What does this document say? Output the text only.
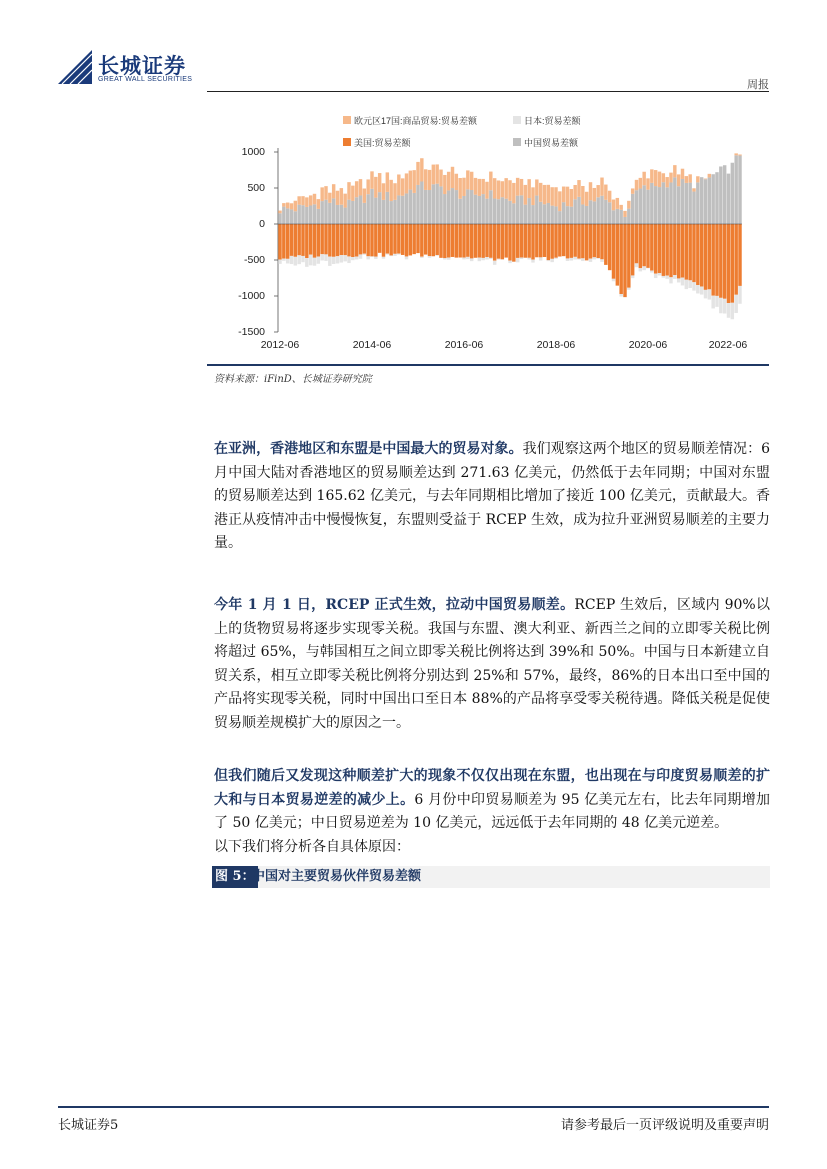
长城证券
GREAT WALL SECURITIES	周报
欧元区17国:商品贸易:贸易差额	日本:贸易差额
美国:贸易差额	中国贸易差额
1000
500
0
-500
-1000
-1500
2012-06	2014-06	2016-06	2018-06	2020-06	2022-06
资料来源：iFinD、长城证券研究院
在亚洲，香港地区和东盟是中国最大的贸易对象。我们观察这两个地区的贸易顺差情况：6 月中国大陆对香港地区的贸易顺差达到 271.63 亿美元，仍然低于去年同期；中国对东盟的贸易顺差达到 165.62 亿美元，与去年同期相比增加了接近 100 亿美元，贡献最大。香港正从疫情冲击中慢慢恢复，东盟则受益于 RCEP 生效，成为拉升亚洲贸易顺差的主要力量。
今年 1 月 1 日，RCEP 正式生效，拉动中国贸易顺差。RCEP 生效后，区域内 90%以上的货物贸易将逐步实现零关税。我国与东盟、澳大利亚、新西兰之间的立即零关税比例将超过 65%，与韩国相互之间立即零关税比例将达到 39%和 50%。中国与日本新建立自贸关系，相互立即零关税比例将分别达到 25%和 57%，最终，86%的日本出口至中国的产品将实现零关税，同时中国出口至日本 88%的产品将享受零关税待遇。降低关税是促使贸易顺差规模扩大的原因之一。
但我们随后又发现这种顺差扩大的现象不仅仅出现在东盟，也出现在与印度贸易顺差的扩大和与日本贸易逆差的减少上。6 月份中印贸易顺差为 95 亿美元左右，比去年同期增加了 50 亿美元；中日贸易逆差为 10 亿美元，远远低于去年同期的 48 亿美元逆差。
以下我们将分析各自具体原因：
图 5：
中国对主要贸易伙伴贸易差额
长城证券5	请参考最后一页评级说明及重要声明
